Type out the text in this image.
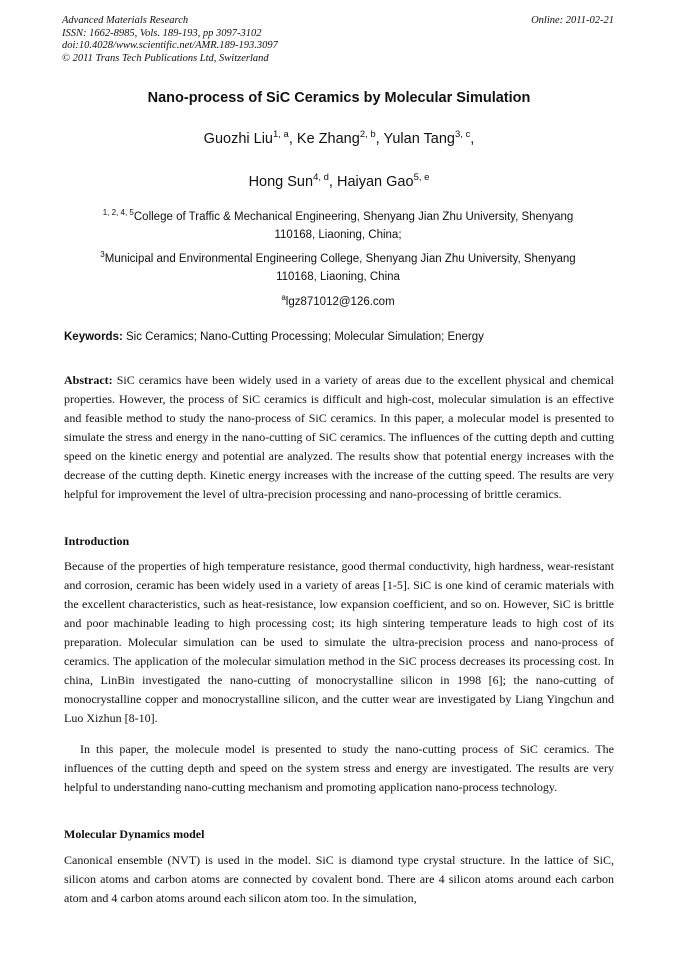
Advanced Materials Research
ISSN: 1662-8985, Vols. 189-193, pp 3097-3102
doi:10.4028/www.scientific.net/AMR.189-193.3097
© 2011 Trans Tech Publications Ltd, Switzerland
Online: 2011-02-21
Nano-process of SiC Ceramics by Molecular Simulation
Guozhi Liu$^{1, a}$, Ke Zhang$^{2, b}$, Yulan Tang$^{3, c}$,
Hong Sun$^{4, d}$, Haiyan Gao$^{5, e}$
$^{1, 2, 4, 5}$College of Traffic & Mechanical Engineering, Shenyang Jian Zhu University, Shenyang
110168, Liaoning, China;
$^3$Municipal and Environmental Engineering College, Shenyang Jian Zhu University, Shenyang
110168, Liaoning, China
$^a$lgz871012@126.com
Keywords: Sic Ceramics; Nano-Cutting Processing; Molecular Simulation; Energy
Abstract: SiC ceramics have been widely used in a variety of areas due to the excellent physical and chemical properties. However, the process of SiC ceramics is difficult and high-cost, molecular simulation is an effective and feasible method to study the nano-process of SiC ceramics. In this paper, a molecular model is presented to simulate the stress and energy in the nano-cutting of SiC ceramics. The influences of the cutting depth and cutting speed on the kinetic energy and potential are analyzed. The results show that potential energy increases with the decrease of the cutting depth. Kinetic energy increases with the increase of the cutting speed. The results are very helpful for improvement the level of ultra-precision processing and nano-processing of brittle ceramics.
Introduction
Because of the properties of high temperature resistance, good thermal conductivity, high hardness, wear-resistant and corrosion, ceramic has been widely used in a variety of areas [1-5]. SiC is one kind of ceramic materials with the excellent characteristics, such as heat-resistance, low expansion coefficient, and so on. However, SiC is brittle and poor machinable leading to high processing cost; its high sintering temperature leads to high cost of its preparation. Molecular simulation can be used to simulate the ultra-precision process and nano-process of ceramics. The application of the molecular simulation method in the SiC process decreases its processing cost. In china, LinBin investigated the nano-cutting of monocrystalline silicon in 1998 [6]; the nano-cutting of monocrystalline copper and monocrystalline silicon, and the cutter wear are investigated by Liang Yingchun and Luo Xizhun [8-10].
In this paper, the molecule model is presented to study the nano-cutting process of SiC ceramics. The influences of the cutting depth and speed on the system stress and energy are investigated. The results are very helpful to understanding nano-cutting mechanism and promoting application nano-process technology.
Molecular Dynamics model
Canonical ensemble (NVT) is used in the model. SiC is diamond type crystal structure. In the lattice of SiC, silicon atoms and carbon atoms are connected by covalent bond. There are 4 silicon atoms around each carbon atom and 4 carbon atoms around each silicon atom too. In the simulation,
